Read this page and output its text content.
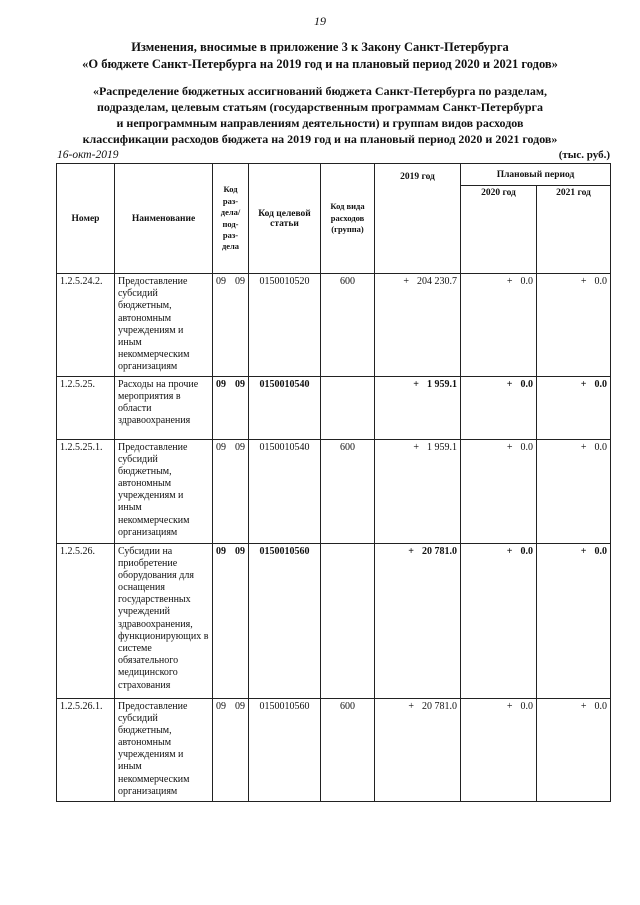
19
Изменения, вносимые в приложение 3 к Закону Санкт-Петербурга
«О бюджете Санкт-Петербурга на 2019 год и на плановый период 2020 и 2021 годов»
«Распределение бюджетных ассигнований бюджета Санкт-Петербурга по разделам,
подразделам, целевым статьям (государственным программам Санкт-Петербурга
и непрограммным направлениям деятельности) и группам видов расходов
классификации расходов бюджета на 2019 год и на плановый период 2020 и 2021 годов»
16-окт-2019	(тыс. руб.)
Номер	Наименование	Код раз-дела/ под-раз-дела	Код целевой статьи	Код вида расходов (группа)	2019 год	Плановый период	
						2020 год	2021 год
1.2.5.24.2.	Предоставление субсидий бюджетным, автономным учреждениям и иным некоммерческим организациям	09 09	0150010520	600	+ 204 230.7	+ 0.0	+ 0.0
1.2.5.25.	Расходы на прочие мероприятия в области здравоохранения	09 09	0150010540		+ 1 959.1	+ 0.0	+ 0.0
1.2.5.25.1.	Предоставление субсидий бюджетным, автономным учреждениям и иным некоммерческим организациям	09 09	0150010540	600	+ 1 959.1	+ 0.0	+ 0.0
1.2.5.26.	Субсидии на приобретение оборудования для оснащения государственных учреждений здравоохранения, функционирующих в системе обязательного медицинского страхования	09 09	0150010560		+ 20 781.0	+ 0.0	+ 0.0
1.2.5.26.1.	Предоставление субсидий бюджетным, автономным учреждениям и иным некоммерческим организациям	09 09	0150010560	600	+ 20 781.0	+ 0.0	+ 0.0
